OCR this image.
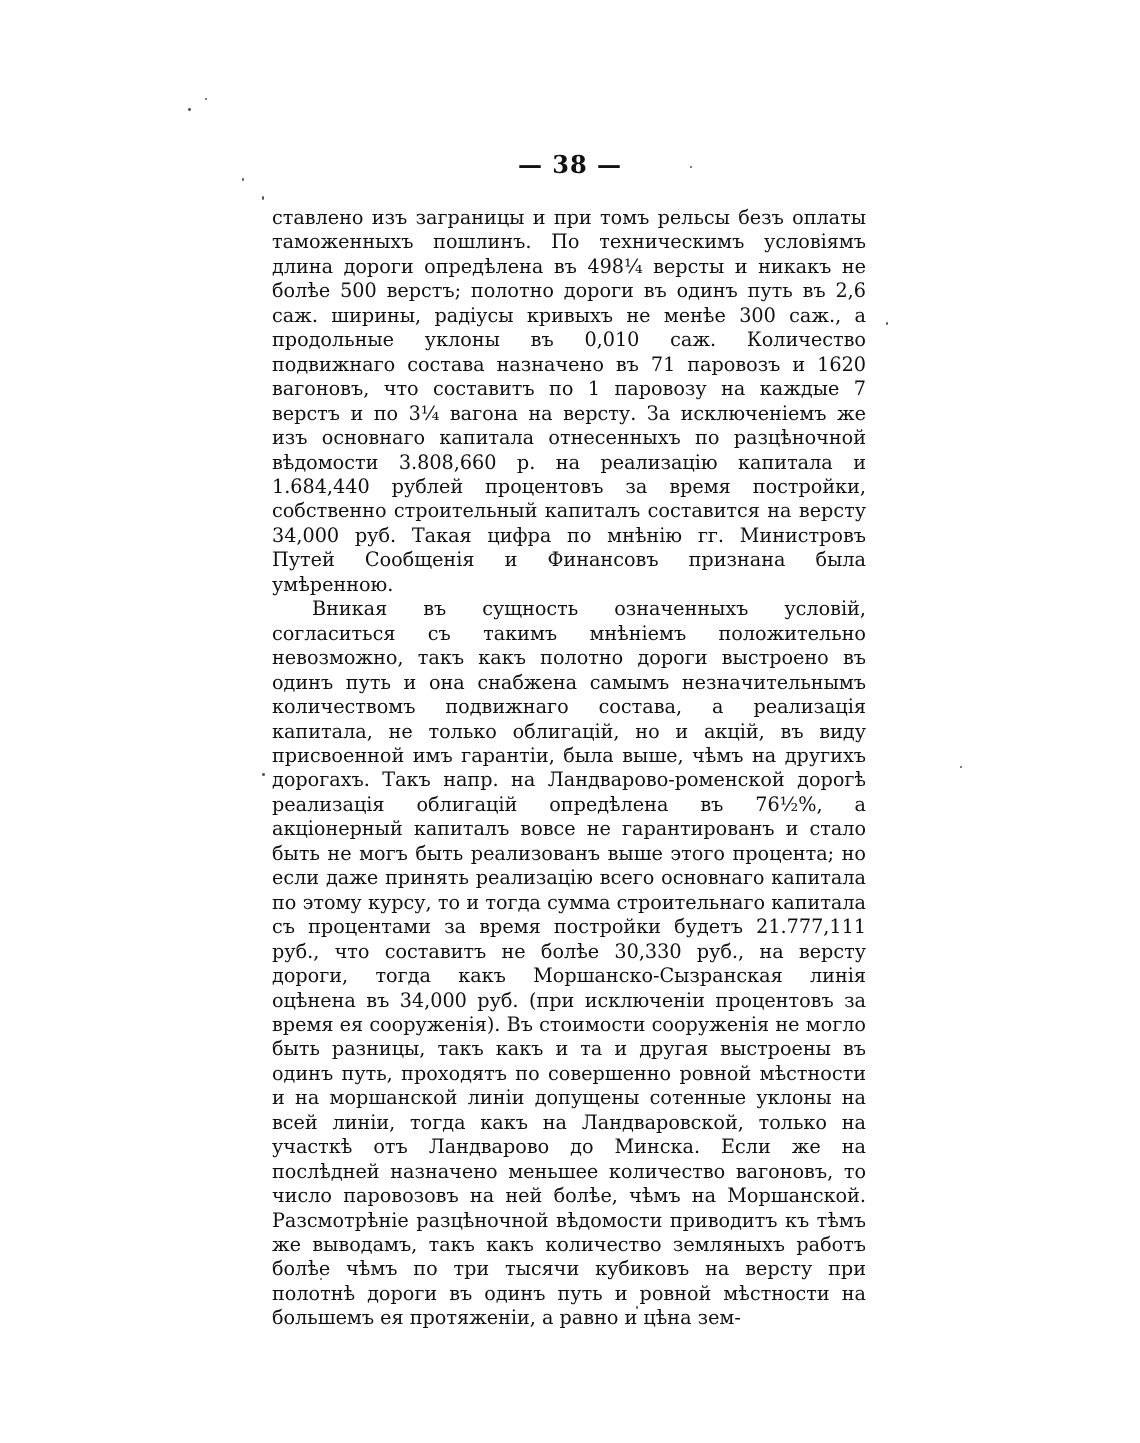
— 38 —

ставлено изъ заграницы и при томъ рельсы безъ оплаты таможенныхъ пошлинъ. По техническимъ условіямъ длина дороги опредѣлена въ 498¼ версты и никакъ не болѣе 500 верстъ; полотно дороги въ одинъ путь въ 2,6 саж. ширины, радіусы кривыхъ не менѣе 300 саж., а продольные уклоны въ 0,010 саж. Количество подвижнаго состава назначено въ 71 паровозъ и 1620 вагоновъ, что составитъ по 1 паровозу на каждые 7 верстъ и по 3¼ вагона на версту. За исключеніемъ же изъ основнаго капитала отнесенныхъ по разцѣночной вѣдомости 3.808,660 р. на реализацію капитала и 1.684,440 рублей процентовъ за время постройки, собственно строительный капиталъ составится на версту 34,000 руб. Такая цифра по мнѣнію гг. Министровъ Путей Сообщенія и Финансовъ признана была умѣренною.

Вникая въ сущность означенныхъ условій, согласиться съ такимъ мнѣніемъ положительно невозможно, такъ какъ полотно дороги выстроено въ одинъ путь и она снабжена самымъ незначительнымъ количествомъ подвижнаго состава, а реализація капитала, не только облигацій, но и акцій, въ виду присвоенной имъ гарантіи, была выше, чѣмъ на другихъ дорогахъ. Такъ напр. на Ландварово-роменской дорогѣ реализація облигацій опредѣлена въ 76½%, а акціонерный капиталъ вовсе не гарантированъ и стало быть не могъ быть реализованъ выше этого процента; но если даже принять реализацію всего основнаго капитала по этому курсу, то и тогда сумма строительнаго капитала съ процентами за время постройки будетъ 21.777,111 руб., что составитъ не болѣе 30,330 руб., на версту дороги, тогда какъ Моршанско-Сызранская линія оцѣнена въ 34,000 руб. (при исключеніи процентовъ за время ея сооруженія). Въ стоимости сооруженія не могло быть разницы, такъ какъ и та и другая выстроены въ одинъ путь, проходятъ по совершенно ровной мѣстности и на моршанской линіи допущены сотенные уклоны на всей линіи, тогда какъ на Ландваровской, только на участкѣ отъ Ландварово до Минска. Если же на послѣдней назначено меньшее количество вагоновъ, то число паровозовъ на ней болѣе, чѣмъ на Моршанской. Разсмотрѣніе разцѣночной вѣдомости приводитъ къ тѣмъ же выводамъ, такъ какъ количество земляныхъ работъ болѣе чѣмъ по три тысячи кубиковъ на версту при полотнѣ дороги въ одинъ путь и ровной мѣстности на большемъ ея протяженіи, а равно и цѣна зем-
